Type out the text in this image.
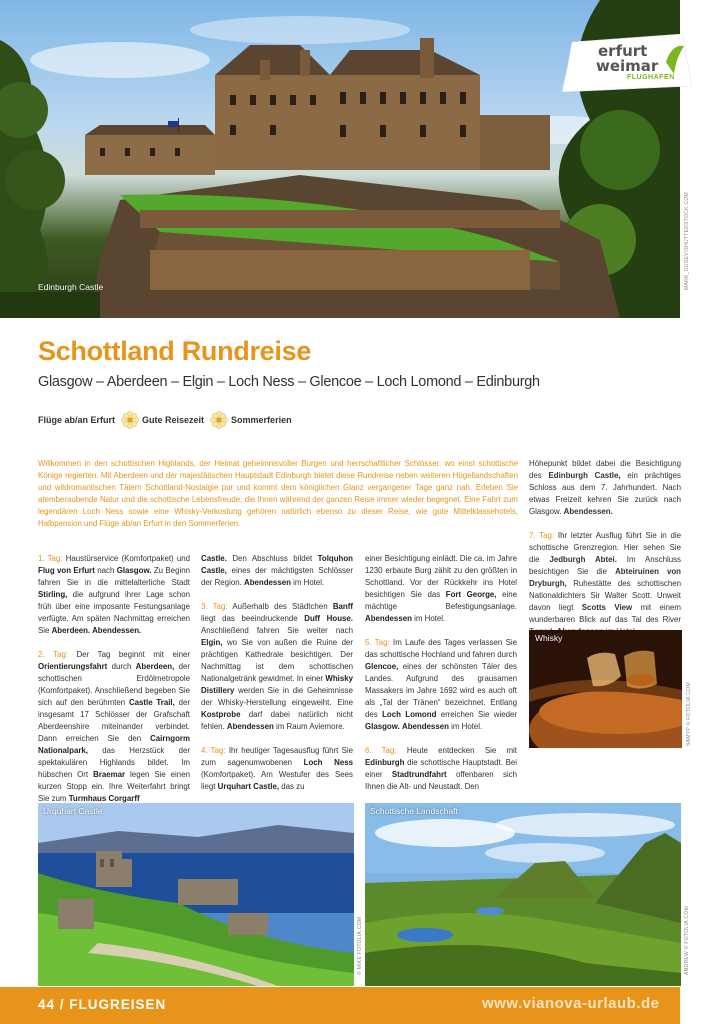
Edinburgh Castle	MARK_GUSEV/SHUTTERSTOCK.COM
erfurt
weimar
FLUGHAFEN
Schottland Rundreise
Glasgow – Aberdeen – Elgin – Loch Ness – Glencoe – Loch Lomond – Edinburgh
Flüge ab/an Erfurt	Gute Reisezeit	Sommerferien
Willkommen in den schottischen Highlands, der Heimat geheimnisvoller Burgen und herrschaftlicher Schlösser, wo einst schottische Könige regierten. Mit Aberdeen und der majestätischen Hauptstadt Edinburgh bietet diese Rundreise neben weiteren Hügellandschaften und wildromantischen Tälern Schottland-Nostalgie pur und kommt dem königlichen Glanz vergangener Tage ganz nah. Erleben Sie atemberaubende Natur und die schottische Lebensfreude, die Ihnen während der ganzen Reise immer wieder begegnet. Eine Fahrt zum legendären Loch Ness sowie eine Whisky-Verkostung gehören natürlich ebenso zu dieser Reise, wie gute Mittelklassehotels, Halbpension und Flüge ab/an Erfurt in den Sommerferien.

1. Tag: Haustürservice (Komfortpaket) und Flug von Erfurt nach Glasgow. Zu Beginn fahren Sie in die mittelalterliche Stadt Stirling, die aufgrund ihrer Lage schon früh über eine imposante Festungsanlage verfügte. Am späten Nachmittag erreichen Sie Aberdeen. Abendessen.

2. Tag: Der Tag beginnt mit einer Orientierungsfahrt durch Aberdeen, der schottischen Erdölmetropole (Komfortpaket). Anschließend begeben Sie sich auf den berühmten Castle Trail, der insgesamt 17 Schlösser der Grafschaft Aberdeenshire miteinander verbindet. Dann erreichen Sie den Cairngorm Nationalpark, das Herzstück der spektakulären Highlands bildet. Im hübschen Ort Braemar legen Sie einen kurzen Stopp ein. Ihre Weiterfahrt bringt Sie zum Turmhaus Corgarff

Castle. Den Abschluss bildet Tolquhon Castle, eines der mächtigsten Schlösser der Region. Abendessen im Hotel.

3. Tag: Außerhalb des Städtchen Banff liegt das beeindruckende Duff House. Anschließend fahren Sie weiter nach Elgin, wo Sie von außen die Ruine der prächtigen Kathedrale besichtigen. Der Nachmittag ist dem schottischen Nationalgetränk gewidmet. In einer Whisky Distillery werden Sie in die Geheimnisse der Whisky-Herstellung eingeweiht. Eine Kostprobe darf dabei natürlich nicht fehlen. Abendessen im Raum Aviemore.

4. Tag: Ihr heutiger Tagesausflug führt Sie zum sagenumwobenen Loch Ness (Komfortpaket). Am Westufer des Sees liegt Urquhart Castle, das zu

einer Besichtigung einlädt. Die ca. im Jahre 1230 erbaute Burg zählt zu den größten in Schottland. Vor der Rückkehr ins Hotel besichtigen Sie das Fort George, eine mächtige Befestigungsanlage. Abendessen im Hotel.

5. Tag: Im Laufe des Tages verlassen Sie das schottische Hochland und fahren durch Glencoe, eines der schönsten Täler des Landes. Aufgrund des grausamen Massakers im Jahre 1692 wird es auch oft als „Tal der Tränen“ bezeichnet. Entlang des Loch Lomond erreichen Sie wieder Glasgow. Abendessen im Hotel.

6. Tag: Heute entdecken Sie mit Edinburgh die schottische Hauptstadt. Bei einer Stadtrundfahrt offenbaren sich Ihnen die Alt- und Neustadt. Den

Höhepunkt bildet dabei die Besichtigung des Edinburgh Castle, ein prächtiges Schloss aus dem 7. Jahrhundert. Nach etwas Freizeit kehren Sie zurück nach Glasgow. Abendessen.

7. Tag: Ihr letzter Ausflug führt Sie in die schottische Grenzregion. Hier sehen Sie die Jedburgh Abtei. Im Anschluss besichtigen Sie die Abteiruinen von Dryburgh, Ruhestätte des schottischen Nationaldichters Sir Walter Scott. Unweit davon liegt Scotts View mit einem wunderbaren Blick auf das Tal des River

Whisky
SAMYP © FOTOLIA.COM
Urquhart Castle
© MIKE FOTOLIA.COM
Schottische Landschaft
ANDREW © FOTOLIA.COM
44 / FLUGREISEN	www.vianova-urlaub.de
